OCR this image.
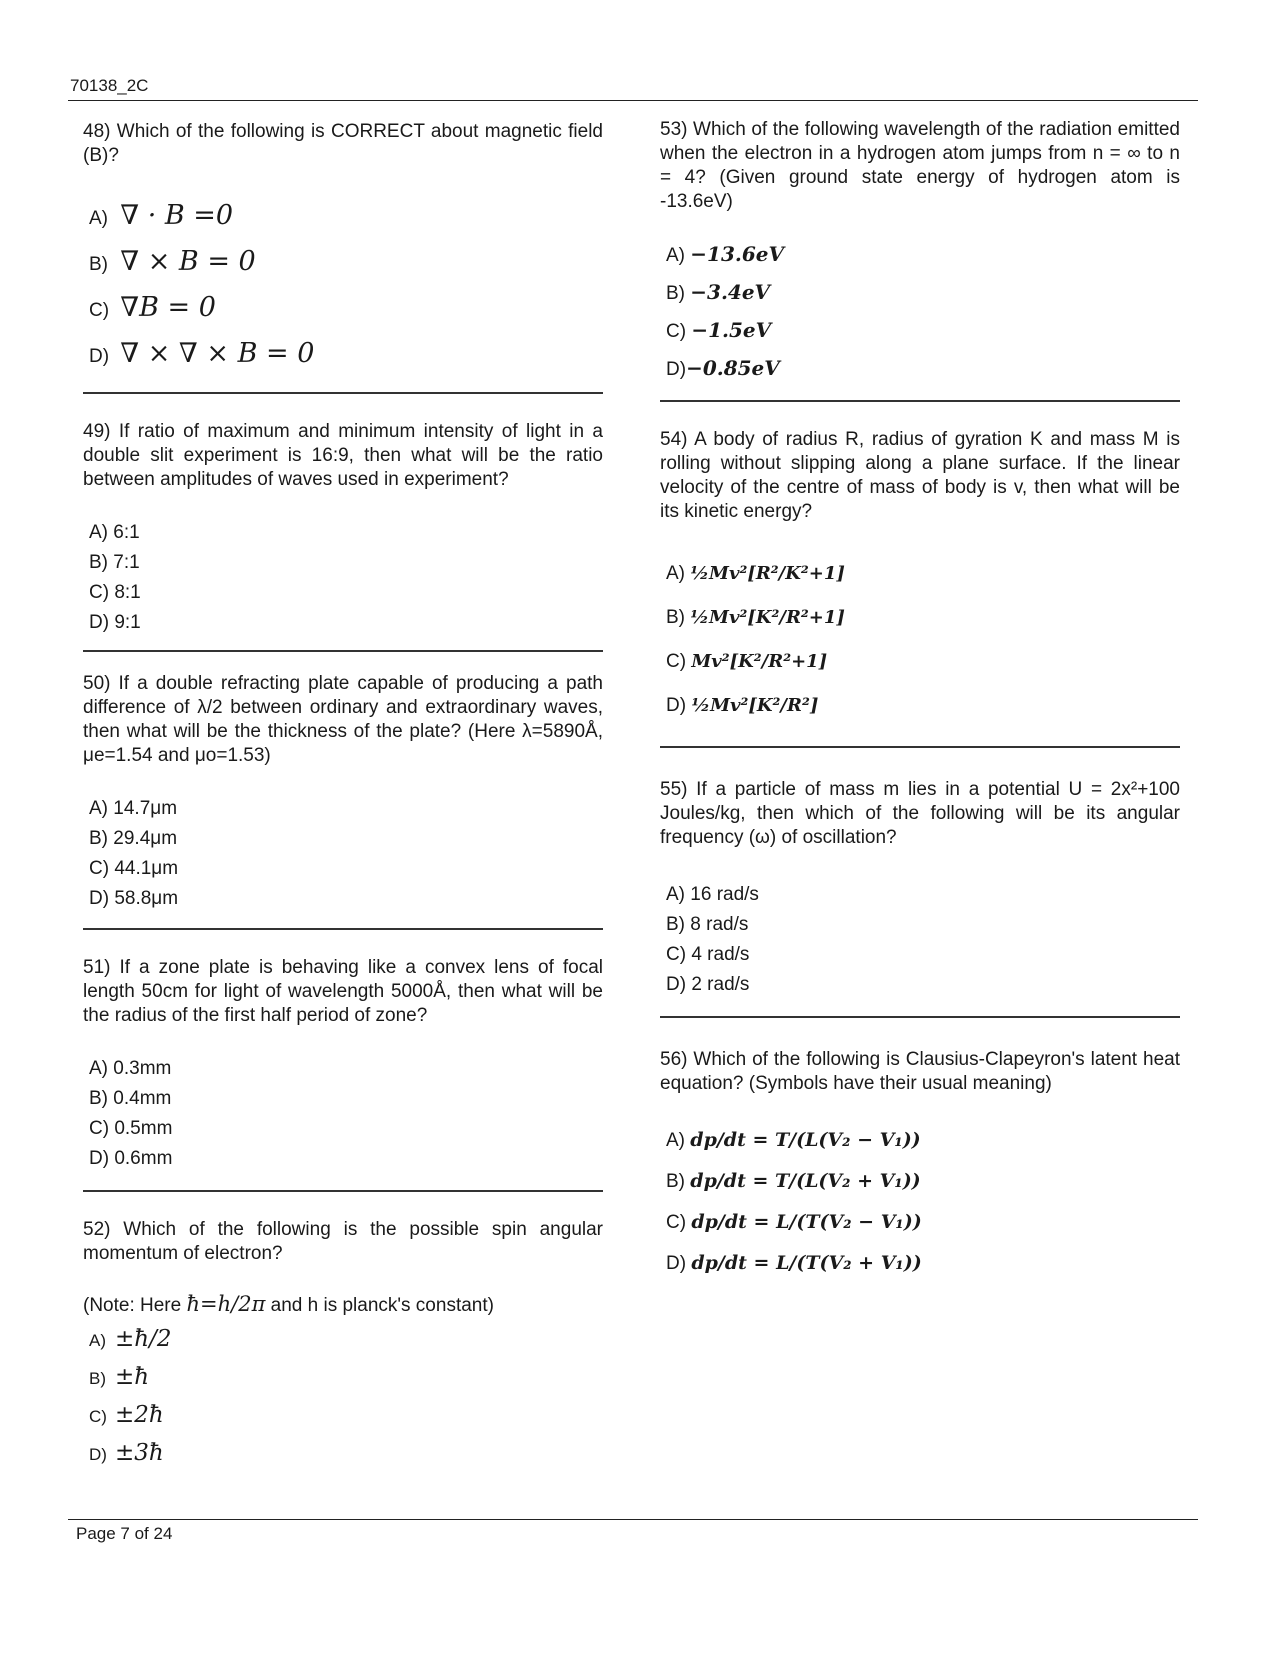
70138_2C
48) Which of the following is CORRECT about magnetic field (B)?
A) ∇ · B =0
B) ∇ × B = 0
C) ∇B = 0
D) ∇ × ∇ × B = 0
49) If ratio of maximum and minimum intensity of light in a double slit experiment is 16:9, then what will be the ratio between amplitudes of waves used in experiment?
A) 6:1
B) 7:1
C) 8:1
D) 9:1
50) If a double refracting plate capable of producing a path difference of λ/2 between ordinary and extraordinary waves, then what will be the thickness of the plate? (Here λ=5890Å, μe=1.54 and μo=1.53)
A) 14.7μm
B) 29.4μm
C) 44.1μm
D) 58.8μm
51) If a zone plate is behaving like a convex lens of focal length 50cm for light of wavelength 5000Å, then what will be the radius of the first half period of zone?
A) 0.3mm
B) 0.4mm
C) 0.5mm
D) 0.6mm
52) Which of the following is the possible spin angular momentum of electron?
(Note: Here ħ=h/2π and h is planck's constant)
A) ±ħ/2
B) ±ħ
C) ±2ħ
D) ±3ħ
53) Which of the following wavelength of the radiation emitted when the electron in a hydrogen atom jumps from n = ∞ to n = 4? (Given ground state energy of hydrogen atom is -13.6eV)
A) −13.6eV
B) −3.4eV
C) −1.5eV
D)−0.85eV
54) A body of radius R, radius of gyration K and mass M is rolling without slipping along a plane surface. If the linear velocity of the centre of mass of body is v, then what will be its kinetic energy?
A) ½Mv²[R²/K²+1]
B) ½Mv²[K²/R²+1]
C) Mv²[K²/R²+1]
D) ½Mv²[K²/R²]
55) If a particle of mass m lies in a potential U = 2x²+100 Joules/kg, then which of the following will be its angular frequency (ω) of oscillation?
A) 16 rad/s
B) 8 rad/s
C) 4 rad/s
D) 2 rad/s
56) Which of the following is Clausius-Clapeyron's latent heat equation? (Symbols have their usual meaning)
A) dp/dt = T/(L(V₂ − V₁))
B) dp/dt = T/(L(V₂ + V₁))
C) dp/dt = L/(T(V₂ − V₁))
D) dp/dt = L/(T(V₂ + V₁))
Page 7 of 24
